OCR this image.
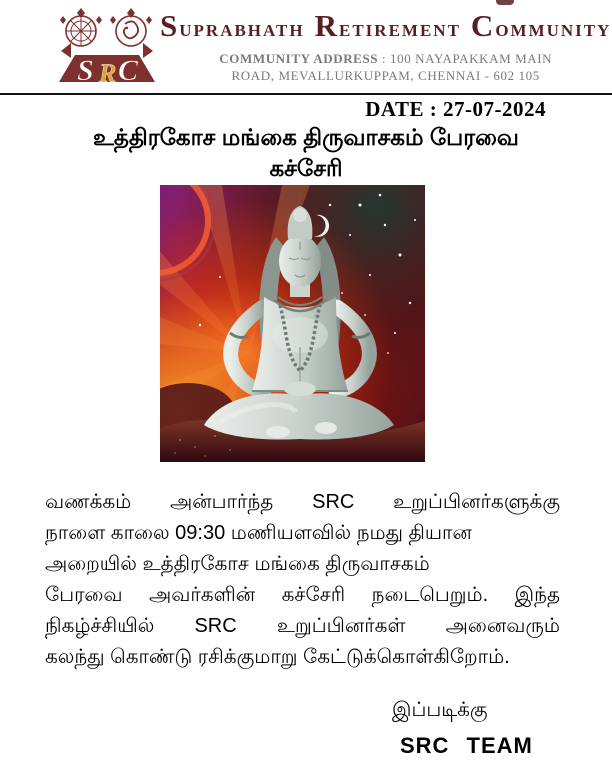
S R C
SUPRABHATH RETIREMENT COMMUNITY
COMMUNITY ADDRESS : 100 NAYAPAKKAM MAIN
ROAD, MEVALLURKUPPAM, CHENNAI - 602 105
DATE : 27-07-2024
உத்திரகோச மங்கை திருவாசகம் பேரவை
கச்சேரி
வணக்கம் அன்பார்ந்த SRC உறுப்பினர்களுக்கு
நாளை காலை 09:30 மணியளவில் நமது தியான
அறையில் உத்திரகோச மங்கை திருவாசகம்
பேரவை அவர்களின் கச்சேரி நடைபெறும். இந்த
நிகழ்ச்சியில் SRC உறுப்பினர்கள் அனைவரும்
கலந்து கொண்டு ரசிக்குமாறு கேட்டுக்கொள்கிறோம்.
இப்படிக்கு
SRC TEAM
